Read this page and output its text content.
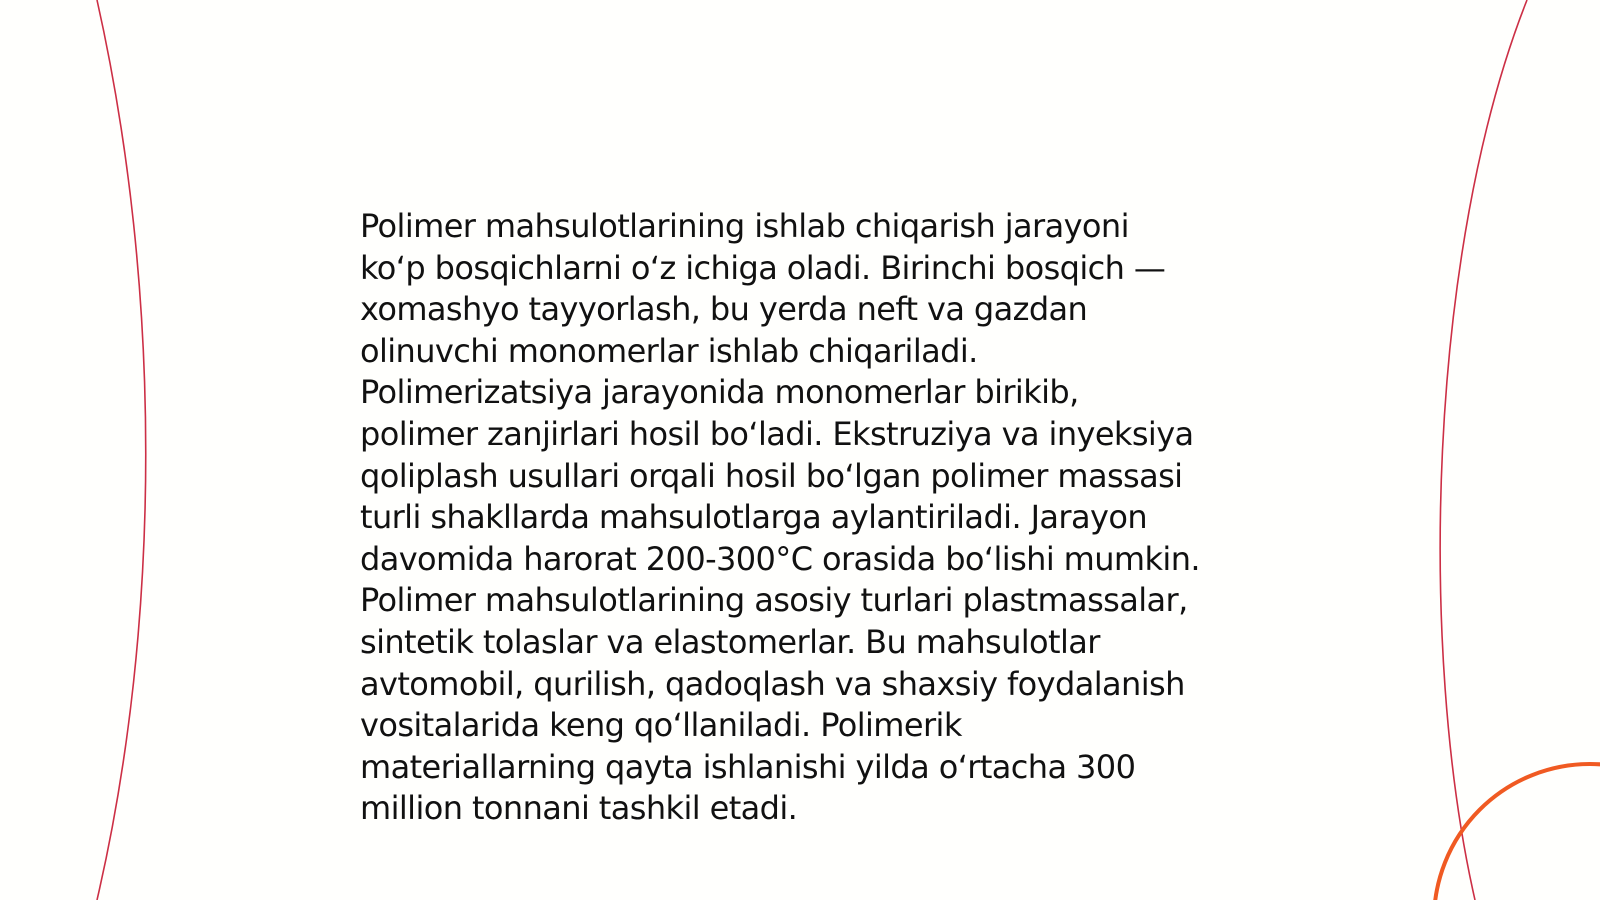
Polimer mahsulotlarining ishlab chiqarish jarayoni
ko‘p bosqichlarni o‘z ichiga oladi. Birinchi bosqich —
xomashyo tayyorlash, bu yerda neft va gazdan
olinuvchi monomerlar ishlab chiqariladi.
Polimerizatsiya jarayonida monomerlar birikib,
polimer zanjirlari hosil bo‘ladi. Ekstruziya va inyeksiya
qoliplash usullari orqali hosil bo‘lgan polimer massasi
turli shakllarda mahsulotlarga aylantiriladi. Jarayon
davomida harorat 200-300°C orasida bo‘lishi mumkin.
Polimer mahsulotlarining asosiy turlari plastmassalar,
sintetik tolaslar va elastomerlar. Bu mahsulotlar
avtomobil, qurilish, qadoqlash va shaxsiy foydalanish
vositalarida keng qo‘llaniladi. Polimerik
materiallarning qayta ishlanishi yilda o‘rtacha 300
million tonnani tashkil etadi.
